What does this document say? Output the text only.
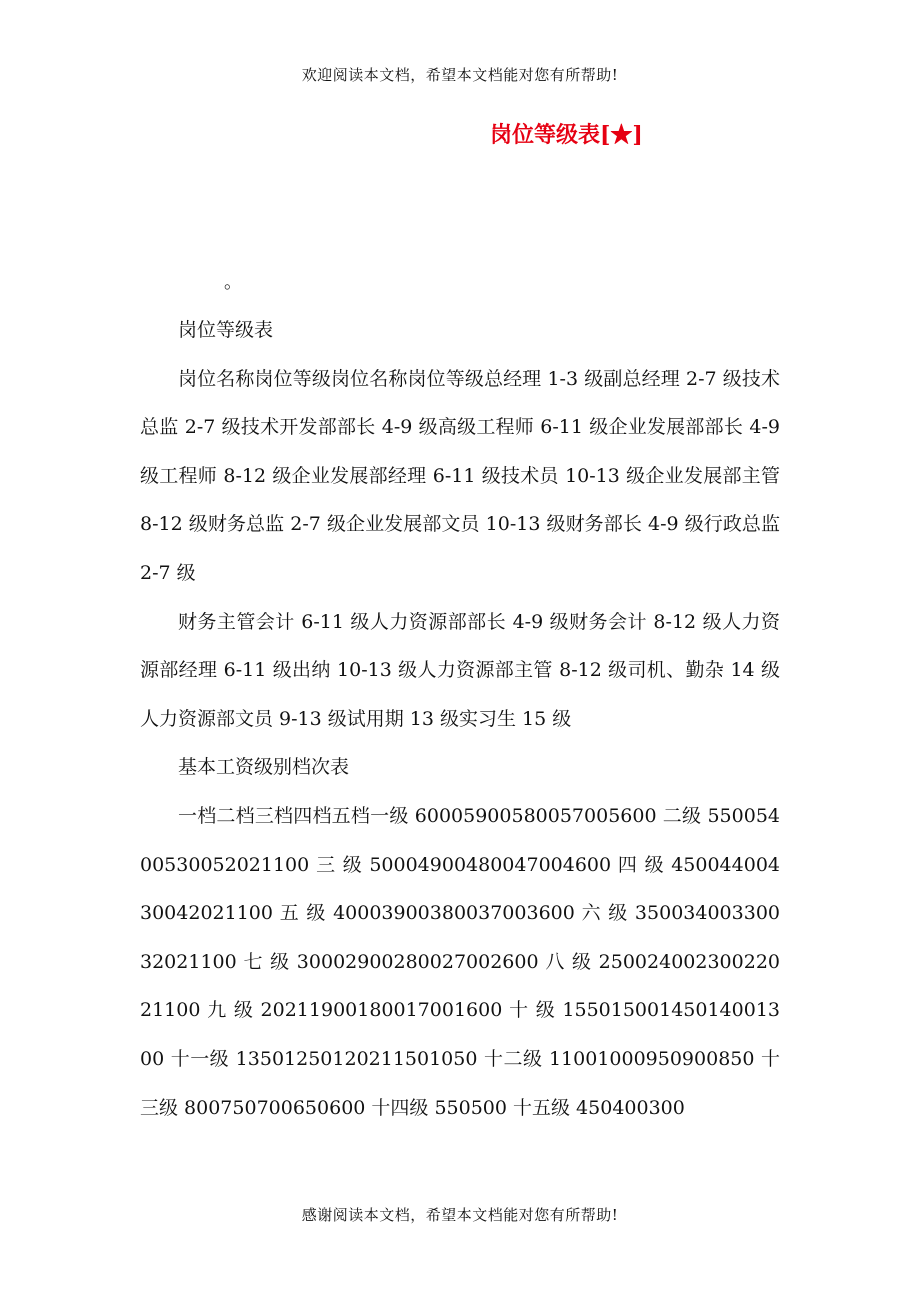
欢迎阅读本文档，希望本文档能对您有所帮助!
岗位等级表[★]
。

岗位等级表

岗位名称岗位等级岗位名称岗位等级总经理 1-3 级副总经理 2-7 级技术总监 2-7 级技术开发部部长 4-9 级高级工程师 6-11 级企业发展部部长 4-9 级工程师 8-12 级企业发展部经理 6-11 级技术员 10-13 级企业发展部主管 8-12 级财务总监 2-7 级企业发展部文员 10-13 级财务部长 4-9 级行政总监 2-7 级

财务主管会计 6-11 级人力资源部部长 4-9 级财务会计 8-12 级人力资源部经理 6-11 级出纳 10-13 级人力资源部主管 8-12 级司机、勤杂 14 级人力资源部文员 9-13 级试用期 13 级实习生 15 级

基本工资级别档次表

一档二档三档四档五档一级 60005900580057005600 二级 55005400530052021100 三 级 50004900480047004600 四 级 45004400430042021100 五 级 40003900380037003600 六 级 35003400330032021100 七 级 30002900280027002600 八 级 25002400230022021100 九 级 20211900180017001600 十 级 15501500145014001300 十一级 13501250120211501050 十二级 11001000950900850 十三级 800750700650600 十四级 550500 十五级 450400300

感谢阅读本文档，希望本文档能对您有所帮助!
